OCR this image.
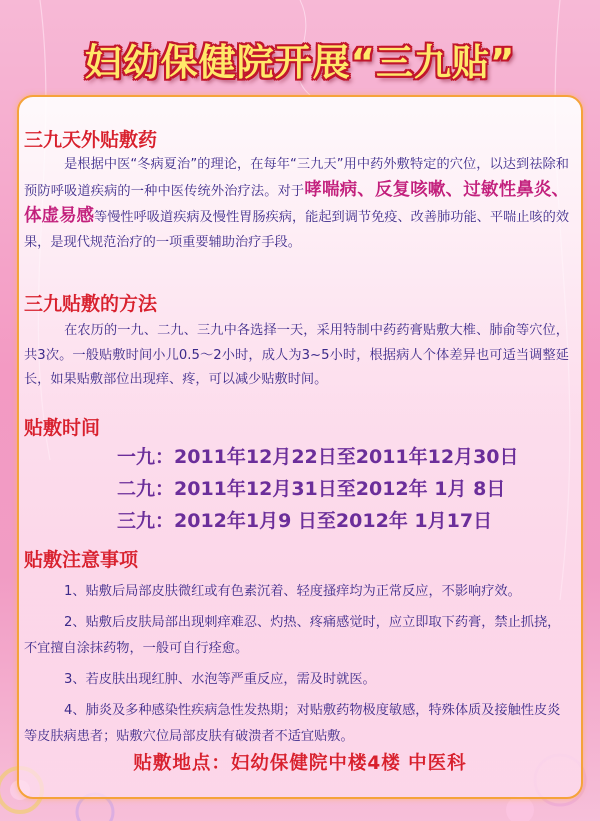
妇幼保健院开展“三九贴”
三九天外贴敷药
是根据中医“冬病夏治”的理论，在每年“三九天”用中药外敷特定的穴位，以达到祛除和预防呼吸道疾病的一种中医传统外治疗法。对于哮喘病、反复咳嗽、过敏性鼻炎、体虚易感等慢性呼吸道疾病及慢性胃肠疾病，能起到调节免疫、改善肺功能、平喘止咳的效果，是现代规范治疗的一项重要辅助治疗手段。
三九贴敷的方法
在农历的一九、二九、三九中各选择一天，采用特制中药药膏贴敷大椎、肺俞等穴位，共3次。一般贴敷时间小儿0.5～2小时，成人为3~5小时，根据病人个体差异也可适当调整延长，如果贴敷部位出现痒、疼，可以减少贴敷时间。
贴敷时间
一九：2011年12月22日至2011年12月30日
二九：2011年12月31日至2012年 1月 8日
三九：2012年1月9 日至2012年 1月17日
贴敷注意事项
1、贴敷后局部皮肤微红或有色素沉着、轻度搔痒均为正常反应，不影响疗效。
2、贴敷后皮肤局部出现刺痒难忍、灼热、疼痛感觉时，应立即取下药膏，禁止抓挠，不宜擅自涂抹药物，一般可自行痊愈。
3、若皮肤出现红肿、水泡等严重反应，需及时就医。
4、肺炎及多种感染性疾病急性发热期；对贴敷药物极度敏感，特殊体质及接触性皮炎等皮肤病患者；贴敷穴位局部皮肤有破溃者不适宜贴敷。
贴敷地点：妇幼保健院中楼4楼 中医科
